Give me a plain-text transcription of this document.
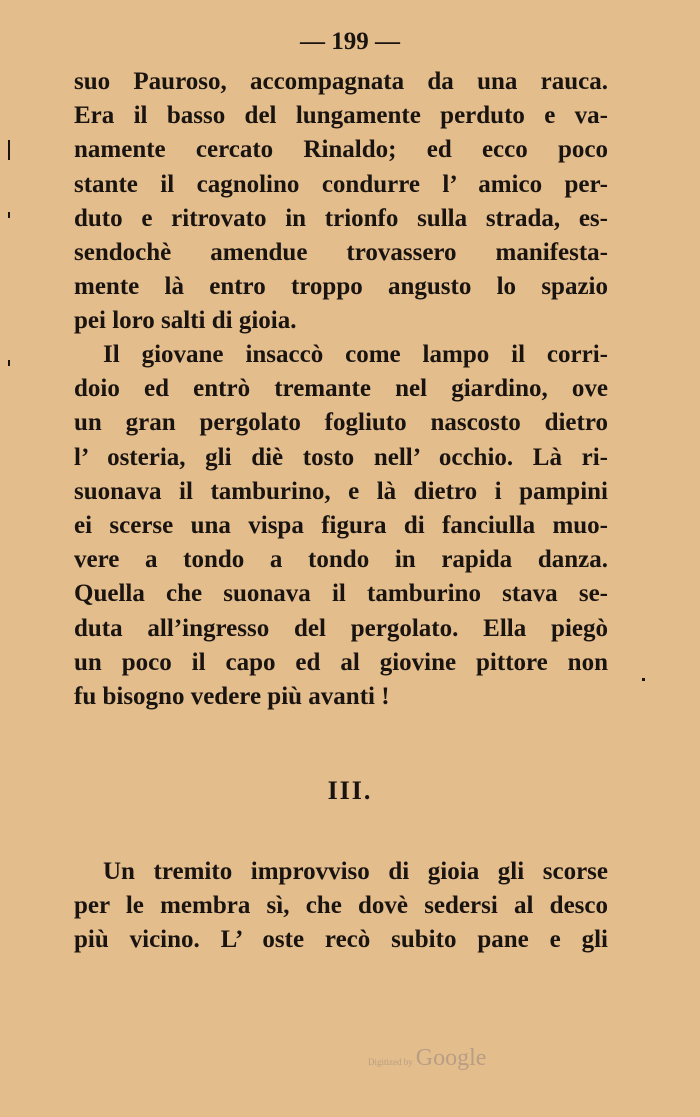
— 199 —
suo Pauroso, accompagnata da una rauca.
Era il basso del lungamente perduto e va-
namente cercato Rinaldo; ed ecco poco
stante il cagnolino condurre l’ amico per-
duto e ritrovato in trionfo sulla strada, es-
sendochè amendue trovassero manifesta-
mente là entro troppo angusto lo spazio
pei loro salti di gioia.
Il giovane insaccò come lampo il corri-
doio ed entrò tremante nel giardino, ove
un gran pergolato fogliuto nascosto dietro
l’ osteria, gli diè tosto nell’ occhio. Là ri-
suonava il tamburino, e là dietro i pampini
ei scerse una vispa figura di fanciulla muo-
vere a tondo a tondo in rapida danza.
Quella che suonava il tamburino stava se-
duta all’ingresso del pergolato. Ella piegò
un poco il capo ed al giovine pittore non
fu bisogno vedere più avanti !
III.
Un tremito improvviso di gioia gli scorse
per le membra sì, che dovè sedersi al desco
più vicino. L’ oste recò subito pane e gli
Digitized by Google
